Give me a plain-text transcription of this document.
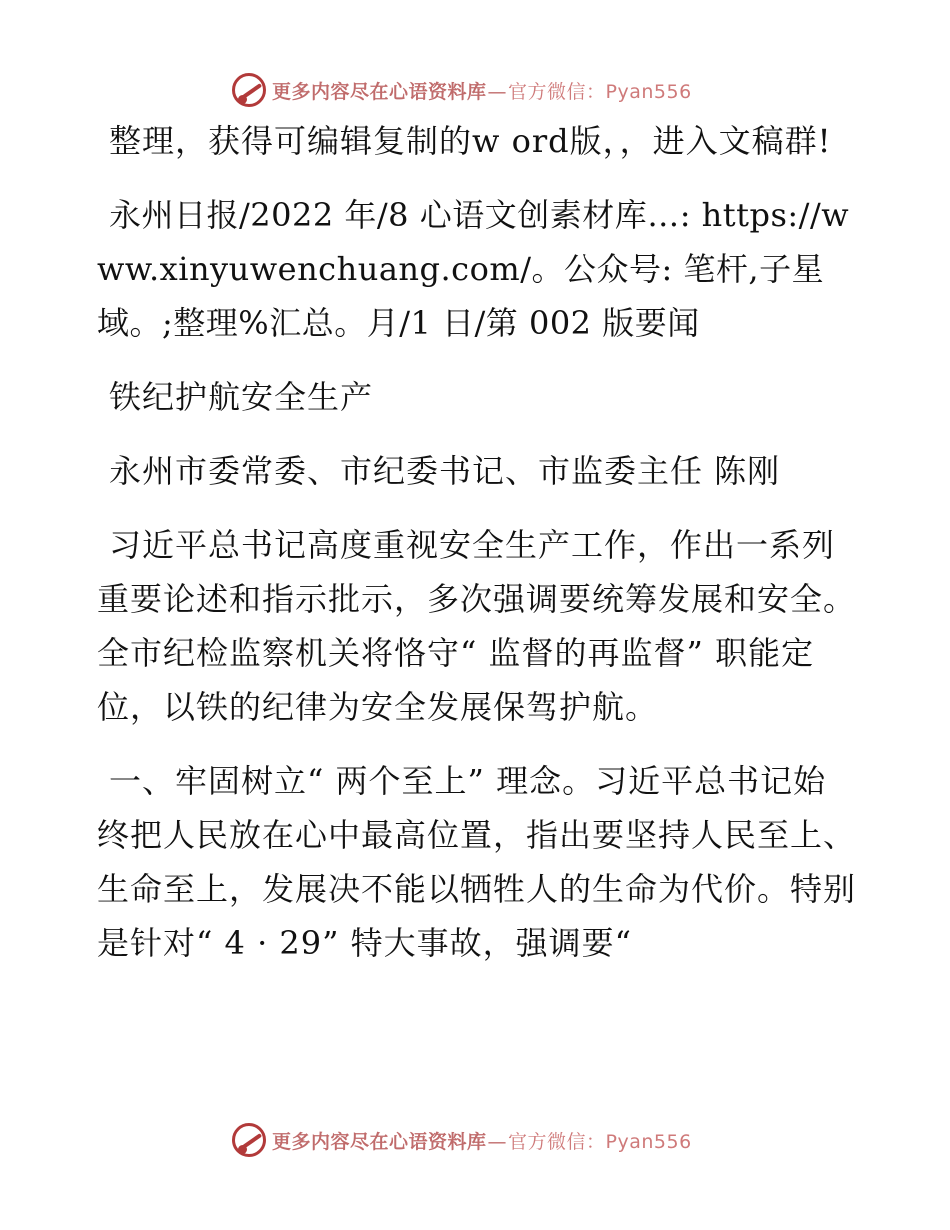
更多内容尽在心语资料库—官方微信：Pyan556

整理，获得可编辑复制的w ord版，，进入文稿群!

永州日报/2022 年/8 心语文创素材库…: https://www.xinyuwenchuang.com/。公众号: 笔杆,子星域。;整理%汇总。月/1 日/第 002 版要闻

铁纪护航安全生产

永州市委常委、市纪委书记、市监委主任 陈刚

习近平总书记高度重视安全生产工作，作出一系列重要论述和指示批示，多次强调要统筹发展和安全。全市纪检监察机关将恪守“ 监督的再监督” 职能定位，以铁的纪律为安全发展保驾护航。

一、牢固树立“ 两个至上” 理念。习近平总书记始终把人民放在心中最高位置，指出要坚持人民至上、生命至上，发展决不能以牺牲人的生命为代价。特别是针对“ 4 · 29” 特大事故，强调要“

更多内容尽在心语资料库—官方微信：Pyan556
